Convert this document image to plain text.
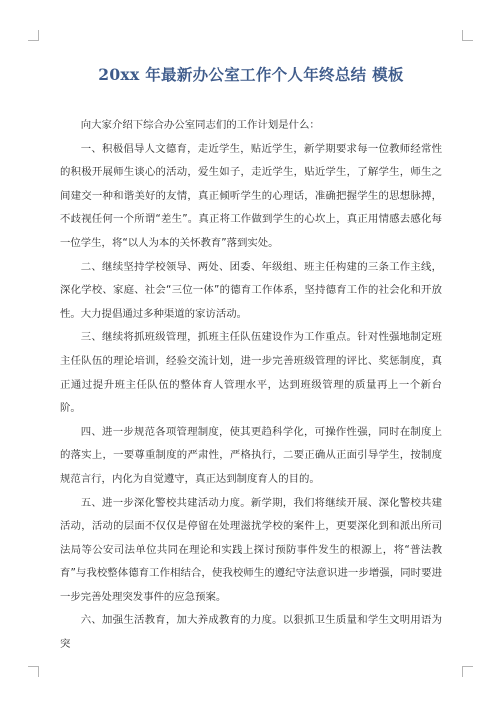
20xx 年最新办公室工作个人年终总结 模板

向大家介绍下综合办公室同志们的工作计划是什么：

一、积极倡导人文德育，走近学生，贴近学生，新学期要求每一位教师经常性的积极开展师生谈心的活动，爱生如子，走近学生，贴近学生，了解学生，师生之间建交一种和谐美好的友情，真正倾听学生的心理话，准确把握学生的思想脉搏，不歧视任何一个所谓“差生”。真正将工作做到学生的心坎上，真正用情感去感化每一位学生，将“以人为本的关怀教育”落到实处。

二、继续坚持学校领导、两处、团委、年级组、班主任构建的三条工作主线，深化学校、家庭、社会“三位一体”的德育工作体系，坚持德育工作的社会化和开放性。大力提倡通过多种渠道的家访活动。

三、继续将抓班级管理，抓班主任队伍建设作为工作重点。针对性强地制定班主任队伍的理论培训，经验交流计划，进一步完善班级管理的评比、奖惩制度，真正通过提升班主任队伍的整体育人管理水平，达到班级管理的质量再上一个新台阶。

四、进一步规范各项管理制度，使其更趋科学化，可操作性强，同时在制度上的落实上，一要尊重制度的严肃性，严格执行，二要正确从正面引导学生，按制度规范言行，内化为自觉遵守，真正达到制度育人的目的。

五、进一步深化警校共建活动力度。新学期，我们将继续开展、深化警校共建活动，活动的层面不仅仅是停留在处理滋扰学校的案件上，更要深化到和派出所司法局等公安司法单位共同在理论和实践上探讨预防事件发生的根源上，将“普法教育”与我校整体德育工作相结合，使我校师生的遵纪守法意识进一步增强，同时要进一步完善处理突发事件的应急预案。

六、加强生活教育，加大养成教育的力度。以狠抓卫生质量和学生文明用语为突
